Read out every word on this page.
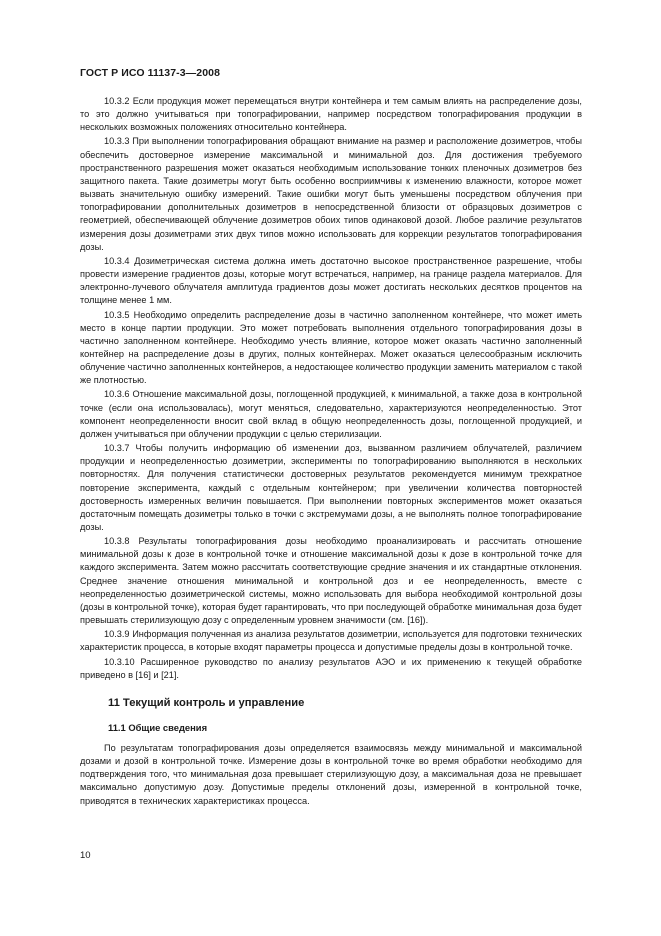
ГОСТ Р ИСО 11137-3—2008

10.3.2 Если продукция может перемещаться внутри контейнера и тем самым влиять на распределение дозы, то это должно учитываться при топографировании, например посредством топографирования продукции в нескольких возможных положениях относительно контейнера.

10.3.3 При выполнении топографирования обращают внимание на размер и расположение дозиметров, чтобы обеспечить достоверное измерение максимальной и минимальной доз. Для достижения требуемого пространственного разрешения может оказаться необходимым использование тонких пленочных дозиметров без защитного пакета. Такие дозиметры могут быть особенно восприимчивы к изменению влажности, которое может вызвать значительную ошибку измерений. Такие ошибки могут быть уменьшены посредством облучения при топографировании дополнительных дозиметров в непосредственной близости от образцовых дозиметров с геометрией, обеспечивающей облучение дозиметров обоих типов одинаковой дозой. Любое различие результатов измерения дозы дозиметрами этих двух типов можно использовать для коррекции результатов топографирования дозы.

10.3.4 Дозиметрическая система должна иметь достаточно высокое пространственное разрешение, чтобы провести измерение градиентов дозы, которые могут встречаться, например, на границе раздела материалов. Для электронно-лучевого облучателя амплитуда градиентов дозы может достигать нескольких десятков процентов на толщине менее 1 мм.

10.3.5 Необходимо определить распределение дозы в частично заполненном контейнере, что может иметь место в конце партии продукции. Это может потребовать выполнения отдельного топографирования дозы в частично заполненном контейнере. Необходимо учесть влияние, которое может оказать частично заполненный контейнер на распределение дозы в других, полных контейнерах. Может оказаться целесообразным исключить облучение частично заполненных контейнеров, а недостающее количество продукции заменить материалом с такой же плотностью.

10.3.6 Отношение максимальной дозы, поглощенной продукцией, к минимальной, а также доза в контрольной точке (если она использовалась), могут меняться, следовательно, характеризуются неопределенностью. Этот компонент неопределенности вносит свой вклад в общую неопределенность дозы, поглощенной продукцией, и должен учитываться при облучении продукции с целью стерилизации.

10.3.7 Чтобы получить информацию об изменении доз, вызванном различием облучателей, различием продукции и неопределенностью дозиметрии, эксперименты по топографированию выполняются в нескольких повторностях. Для получения статистически достоверных результатов рекомендуется минимум трехкратное повторение эксперимента, каждый с отдельным контейнером; при увеличении количества повторностей достоверность измеренных величин повышается. При выполнении повторных экспериментов может оказаться достаточным помещать дозиметры только в точки с экстремумами дозы, а не выполнять полное топографирование дозы.

10.3.8 Результаты топографирования дозы необходимо проанализировать и рассчитать отношение минимальной дозы к дозе в контрольной точке и отношение максимальной дозы к дозе в контрольной точке для каждого эксперимента. Затем можно рассчитать соответствующие средние значения и их стандартные отклонения. Среднее значение отношения минимальной и контрольной доз и ее неопределенность, вместе с неопределенностью дозиметрической системы, можно использовать для выбора необходимой контрольной дозы (дозы в контрольной точке), которая будет гарантировать, что при последующей обработке минимальная доза будет превышать стерилизующую дозу с определенным уровнем значимости (см. [16]).

10.3.9 Информация полученная из анализа результатов дозиметрии, используется для подготовки технических характеристик процесса, в которые входят параметры процесса и допустимые пределы дозы в контрольной точке.

10.3.10 Расширенное руководство по анализу результатов АЭО и их применению к текущей обработке приведено в [16] и [21].

11 Текущий контроль и управление
11.1 Общие сведения

По результатам топографирования дозы определяется взаимосвязь между минимальной и максимальной дозами и дозой в контрольной точке. Измерение дозы в контрольной точке во время обработки необходимо для подтверждения того, что минимальная доза превышает стерилизующую дозу, а максимальная доза не превышает максимально допустимую дозу. Допустимые пределы отклонений дозы, измеренной в контрольной точке, приводятся в технических характеристиках процесса.

10
